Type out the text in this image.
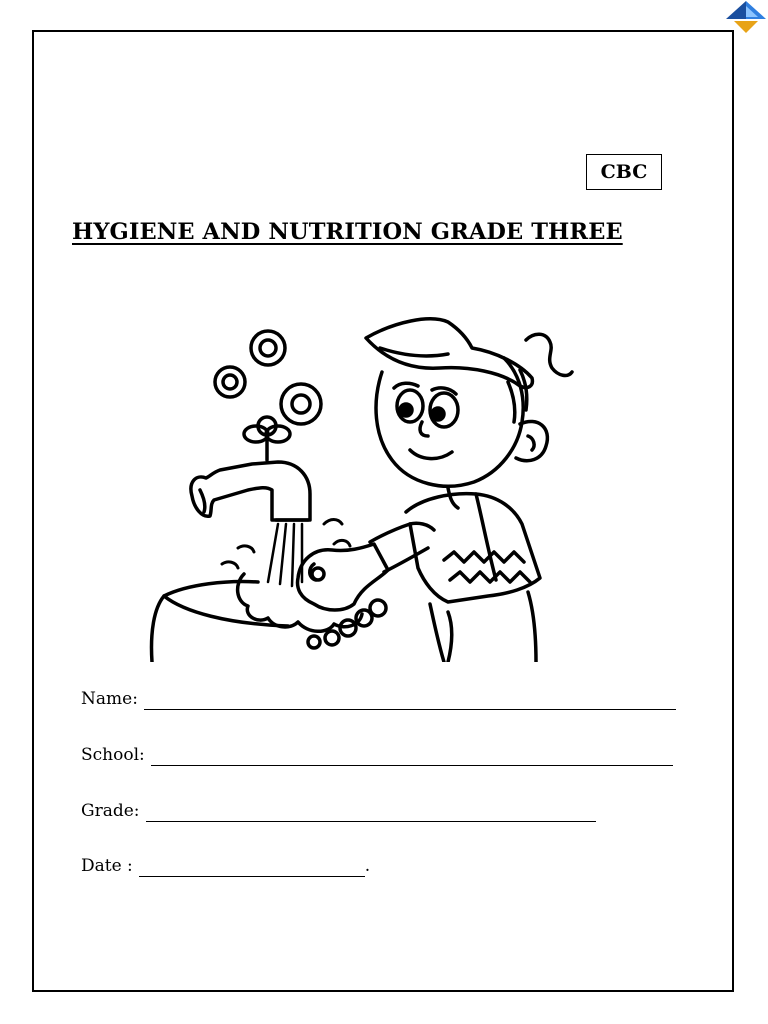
CBC
HYGIENE AND NUTRITION GRADE THREE
Name:
School:
Grade:
Date :	.
